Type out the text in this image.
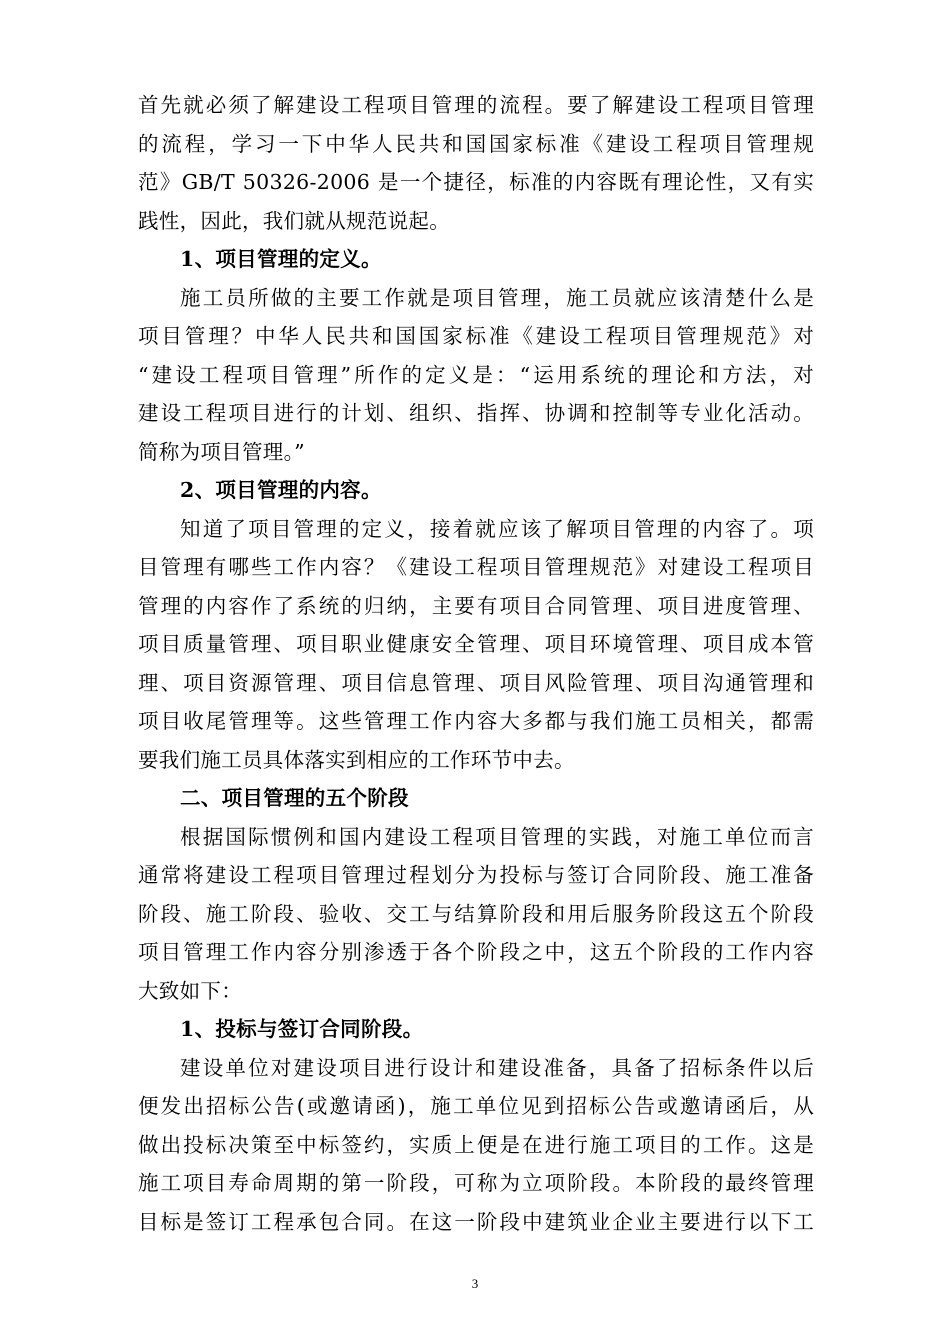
首先就必须了解建设工程项目管理的流程。要了解建设工程项目管理
的流程，学习一下中华人民共和国国家标准《建设工程项目管理规
范》GB/T 50326-2006 是一个捷径，标准的内容既有理论性，又有实
践性，因此，我们就从规范说起。
1、项目管理的定义。
施工员所做的主要工作就是项目管理，施工员就应该清楚什么是
项目管理？中华人民共和国国家标准《建设工程项目管理规范》对
“建设工程项目管理”所作的定义是：“运用系统的理论和方法，对
建设工程项目进行的计划、组织、指挥、协调和控制等专业化活动。
简称为项目管理。”
2、项目管理的内容。
知道了项目管理的定义，接着就应该了解项目管理的内容了。项
目管理有哪些工作内容？《建设工程项目管理规范》对建设工程项目
管理的内容作了系统的归纳，主要有项目合同管理、项目进度管理、
项目质量管理、项目职业健康安全管理、项目环境管理、项目成本管
理、项目资源管理、项目信息管理、项目风险管理、项目沟通管理和
项目收尾管理等。这些管理工作内容大多都与我们施工员相关，都需
要我们施工员具体落实到相应的工作环节中去。
二、项目管理的五个阶段
根据国际惯例和国内建设工程项目管理的实践，对施工单位而言
通常将建设工程项目管理过程划分为投标与签订合同阶段、施工准备
阶段、施工阶段、验收、交工与结算阶段和用后服务阶段这五个阶段
项目管理工作内容分别渗透于各个阶段之中，这五个阶段的工作内容
大致如下：
1、投标与签订合同阶段。
建设单位对建设项目进行设计和建设准备，具备了招标条件以后
便发出招标公告(或邀请函)，施工单位见到招标公告或邀请函后，从
做出投标决策至中标签约，实质上便是在进行施工项目的工作。这是
施工项目寿命周期的第一阶段，可称为立项阶段。本阶段的最终管理
目标是签订工程承包合同。在这一阶段中建筑业企业主要进行以下工
3
